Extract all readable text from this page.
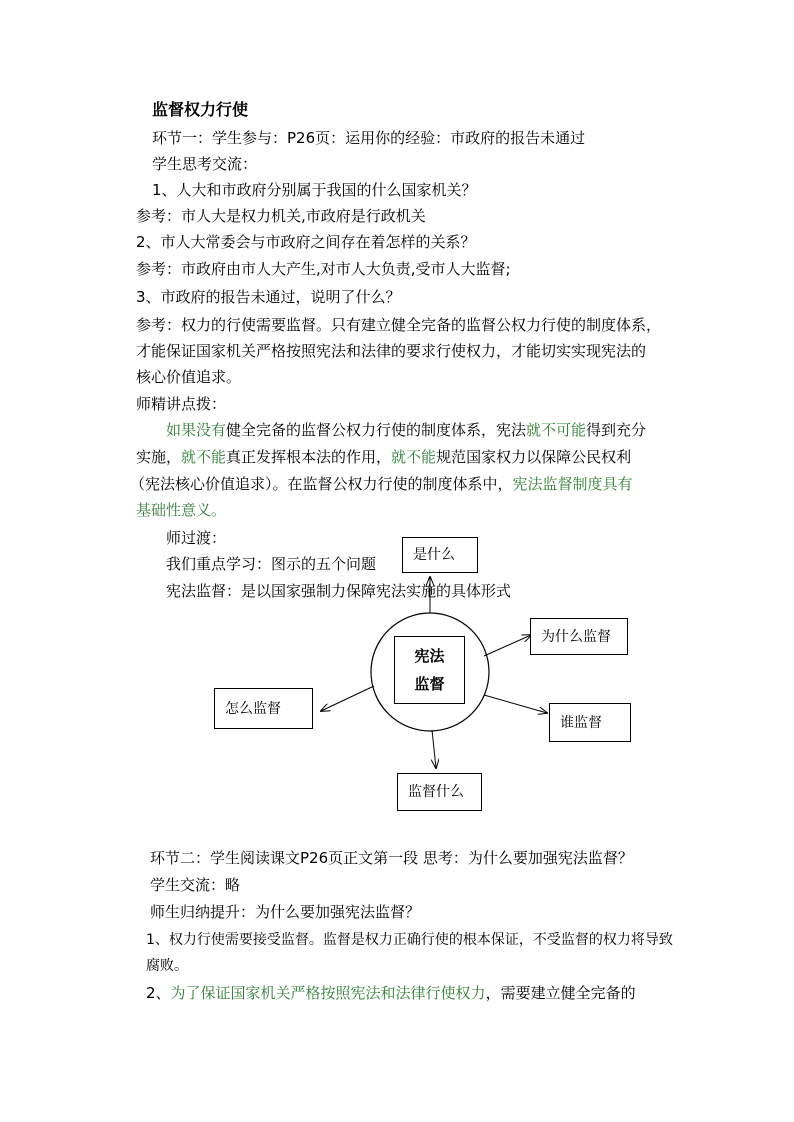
监督权力行使
环节一：学生参与：P26页：运用你的经验：市政府的报告未通过
学生思考交流：
1、人大和市政府分别属于我国的什么国家机关？
参考：市人大是权力机关,市政府是行政机关
2、市人大常委会与市政府之间存在着怎样的关系？
参考：市政府由市人大产生,对市人大负责,受市人大监督;
3、市政府的报告未通过，说明了什么？
参考：权力的行使需要监督。只有建立健全完备的监督公权力行使的制度体系，
才能保证国家机关严格按照宪法和法律的要求行使权力，才能切实实现宪法的
核心价值追求。
师精讲点拨：
如果没有健全完备的监督公权力行使的制度体系，宪法就不可能得到充分
实施，就不能真正发挥根本法的作用，就不能规范国家权力以保障公民权利
（宪法核心价值追求）。在监督公权力行使的制度体系中，宪法监督制度具有
基础性意义。
师过渡：
我们重点学习：图示的五个问题
宪法监督：是以国家强制力保障宪法实施的具体形式
是什么
为什么监督
怎么监督
谁监督
监督什么
宪法
监督
环节二：学生阅读课文P26页正文第一段 思考：为什么要加强宪法监督？
学生交流：略
师生归纳提升：为什么要加强宪法监督？
1、权力行使需要接受监督。监督是权力正确行使的根本保证，不受监督的权力将导致
腐败。
2、为了保证国家机关严格按照宪法和法律行使权力，需要建立健全完备的
